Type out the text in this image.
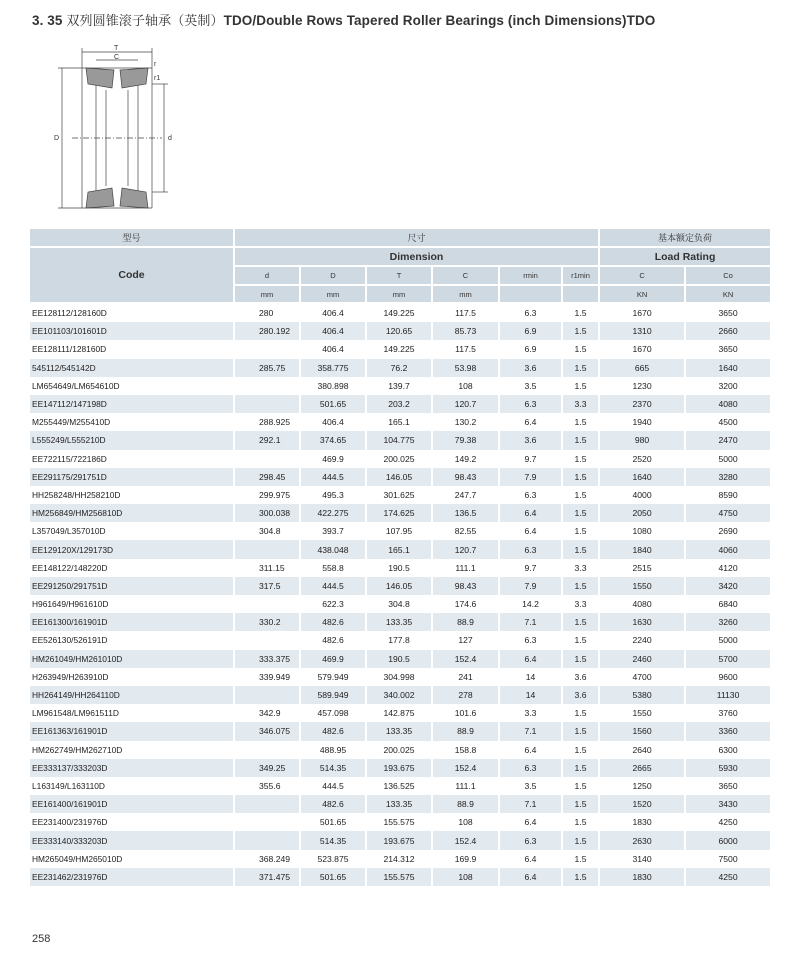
3. 35 双列圆锥滚子轴承（英制）TDO/Double Rows Tapered Roller Bearings (inch Dimensions)TDO
T
C
D	d
r
r1
型号	尺寸						基本额定负荷	
Code	Dimension						Load Rating	
	d	D	T	C	rmin	r1min	C	Co
	mm	mm	mm	mm			KN	KN
EE128112/128160D	280	406.4	149.225	117.5	6.3	1.5	1670	3650
EE101103/101601D	280.192	406.4	120.65	85.73	6.9	1.5	1310	2660
EE128111/128160D		406.4	149.225	117.5	6.9	1.5	1670	3650
545112/545142D	285.75	358.775	76.2	53.98	3.6	1.5	665	1640
LM654649/LM654610D		380.898	139.7	108	3.5	1.5	1230	3200
EE147112/147198D		501.65	203.2	120.7	6.3	3.3	2370	4080
M255449/M255410D	288.925	406.4	165.1	130.2	6.4	1.5	1940	4500
L555249/L555210D	292.1	374.65	104.775	79.38	3.6	1.5	980	2470
EE722115/722186D		469.9	200.025	149.2	9.7	1.5	2520	5000
EE291175/291751D	298.45	444.5	146.05	98.43	7.9	1.5	1640	3280
HH258248/HH258210D	299.975	495.3	301.625	247.7	6.3	1.5	4000	8590
HM256849/HM256810D	300.038	422.275	174.625	136.5	6.4	1.5	2050	4750
L357049/L357010D	304.8	393.7	107.95	82.55	6.4	1.5	1080	2690
EE129120X/129173D		438.048	165.1	120.7	6.3	1.5	1840	4060
EE148122/148220D	311.15	558.8	190.5	111.1	9.7	3.3	2515	4120
EE291250/291751D	317.5	444.5	146.05	98.43	7.9	1.5	1550	3420
H961649/H961610D		622.3	304.8	174.6	14.2	3.3	4080	6840
EE161300/161901D	330.2	482.6	133.35	88.9	7.1	1.5	1630	3260
EE526130/526191D		482.6	177.8	127	6.3	1.5	2240	5000
HM261049/HM261010D	333.375	469.9	190.5	152.4	6.4	1.5	2460	5700
H263949/H263910D	339.949	579.949	304.998	241	14	3.6	4700	9600
HH264149/HH264110D		589.949	340.002	278	14	3.6	5380	11130
LM961548/LM961511D	342.9	457.098	142.875	101.6	3.3	1.5	1550	3760
EE161363/161901D	346.075	482.6	133.35	88.9	7.1	1.5	1560	3360
HM262749/HM262710D		488.95	200.025	158.8	6.4	1.5	2640	6300
EE333137/333203D	349.25	514.35	193.675	152.4	6.3	1.5	2665	5930
L163149/L163110D	355.6	444.5	136.525	111.1	3.5	1.5	1250	3650
EE161400/161901D		482.6	133.35	88.9	7.1	1.5	1520	3430
EE231400/231976D		501.65	155.575	108	6.4	1.5	1830	4250
EE333140/333203D		514.35	193.675	152.4	6.3	1.5	2630	6000
HM265049/HM265010D	368.249	523.875	214.312	169.9	6.4	1.5	3140	7500
EE231462/231976D	371.475	501.65	155.575	108	6.4	1.5	1830	4250
258
